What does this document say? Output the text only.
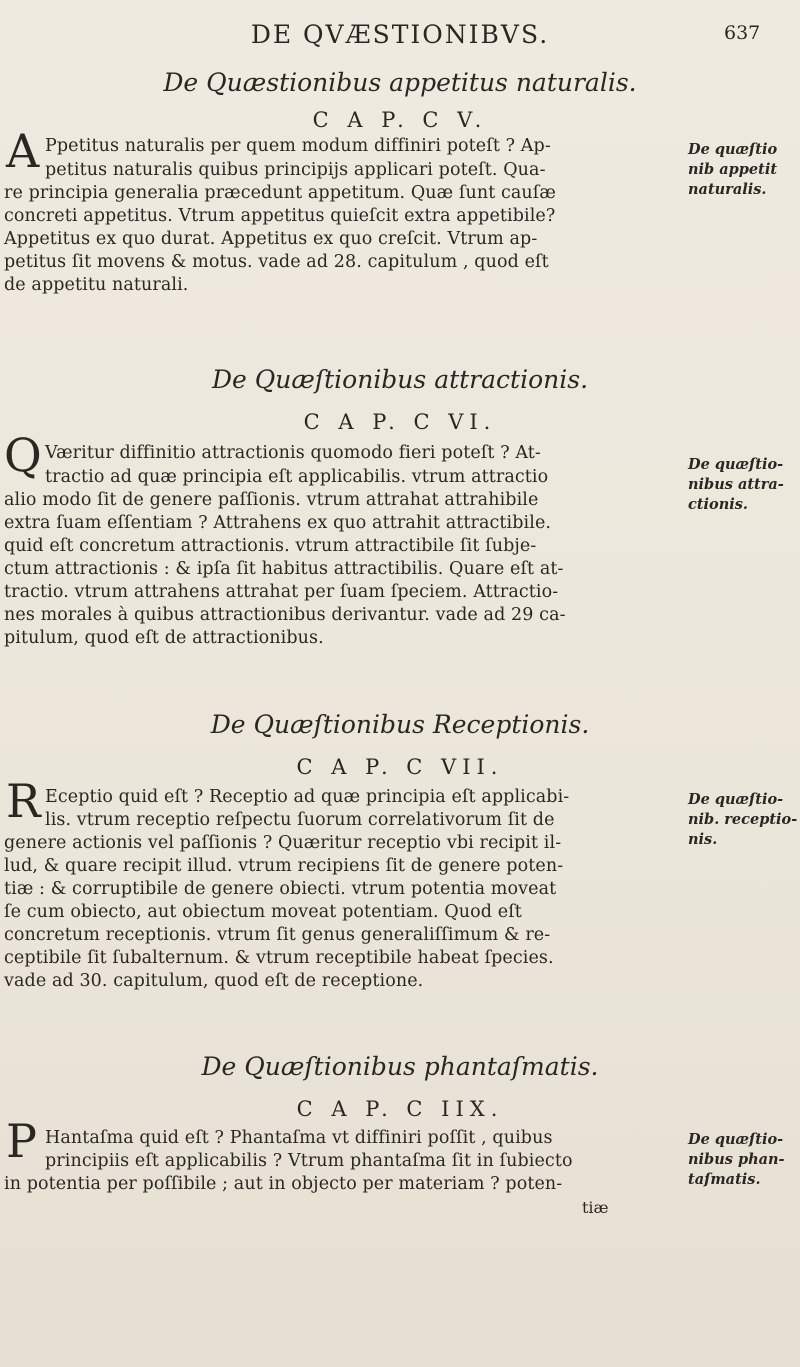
DE QVÆSTIONIBVS.	637
De Quæstionibus appetitus naturalis.
C A P. C V.
A Ppetitus naturalis per quem modum diffiniri poteſt ? Ap-
petitus naturalis quibus principijs applicari poteſt. Qua-
re principia generalia præcedunt appetitum. Quæ ſunt cauſæ
concreti appetitus. Vtrum appetitus quieſcit extra appetibile?
Appetitus ex quo durat. Appetitus ex quo creſcit. Vtrum ap-
petitus ſit movens & motus. vade ad 28. capitulum , quod eſt
de appetitu naturali.
De quæſtio
nib appetit
naturalis.
De Quæſtionibus attractionis.
C A P. C VI.
Q Væritur diffinitio attractionis quomodo fieri poteſt ? At-
tractio ad quæ principia eſt applicabilis. vtrum attractio
alio modo ſit de genere paſſionis. vtrum attrahat attrahibile
extra ſuam eſſentiam ? Attrahens ex quo attrahit attractibile.
quid eſt concretum attractionis. vtrum attractibile ſit ſubje-
ctum attractionis : & ipſa ſit habitus attractibilis. Quare eſt at-
tractio. vtrum attrahens attrahat per ſuam ſpeciem. Attractio-
nes morales à quibus attractionibus derivantur. vade ad 29 ca-
pitulum, quod eſt de attractionibus.
De quæſtio-
nibus attra-
ctionis.
De Quæſtionibus Receptionis.
C A P. C VII.
R Eceptio quid eſt ? Receptio ad quæ principia eſt applicabi-
lis. vtrum receptio reſpectu ſuorum correlativorum ſit de
genere actionis vel paſſionis ? Quæritur receptio vbi recipit il-
lud, & quare recipit illud. vtrum recipiens ſit de genere poten-
tiæ : & corruptibile de genere obiecti. vtrum potentia moveat
ſe cum obiecto, aut obiectum moveat potentiam. Quod eſt
concretum receptionis. vtrum ſit genus generaliſſimum & re-
ceptibile ſit ſubalternum. & vtrum receptibile habeat ſpecies.
vade ad 30. capitulum, quod eſt de receptione.
De quæſtio-
nib. receptio-
nis.
De Quæſtionibus phantaſmatis.
C A P. C IIX.
P Hantaſma quid eſt ? Phantaſma vt diffiniri poſſit , quibus
principiis eſt applicabilis ? Vtrum phantaſma ſit in ſubiecto
in potentia per poſſibile ; aut in objecto per materiam ? poten-
De quæſtio-
nibus phan-
taſmatis.
tiæ
